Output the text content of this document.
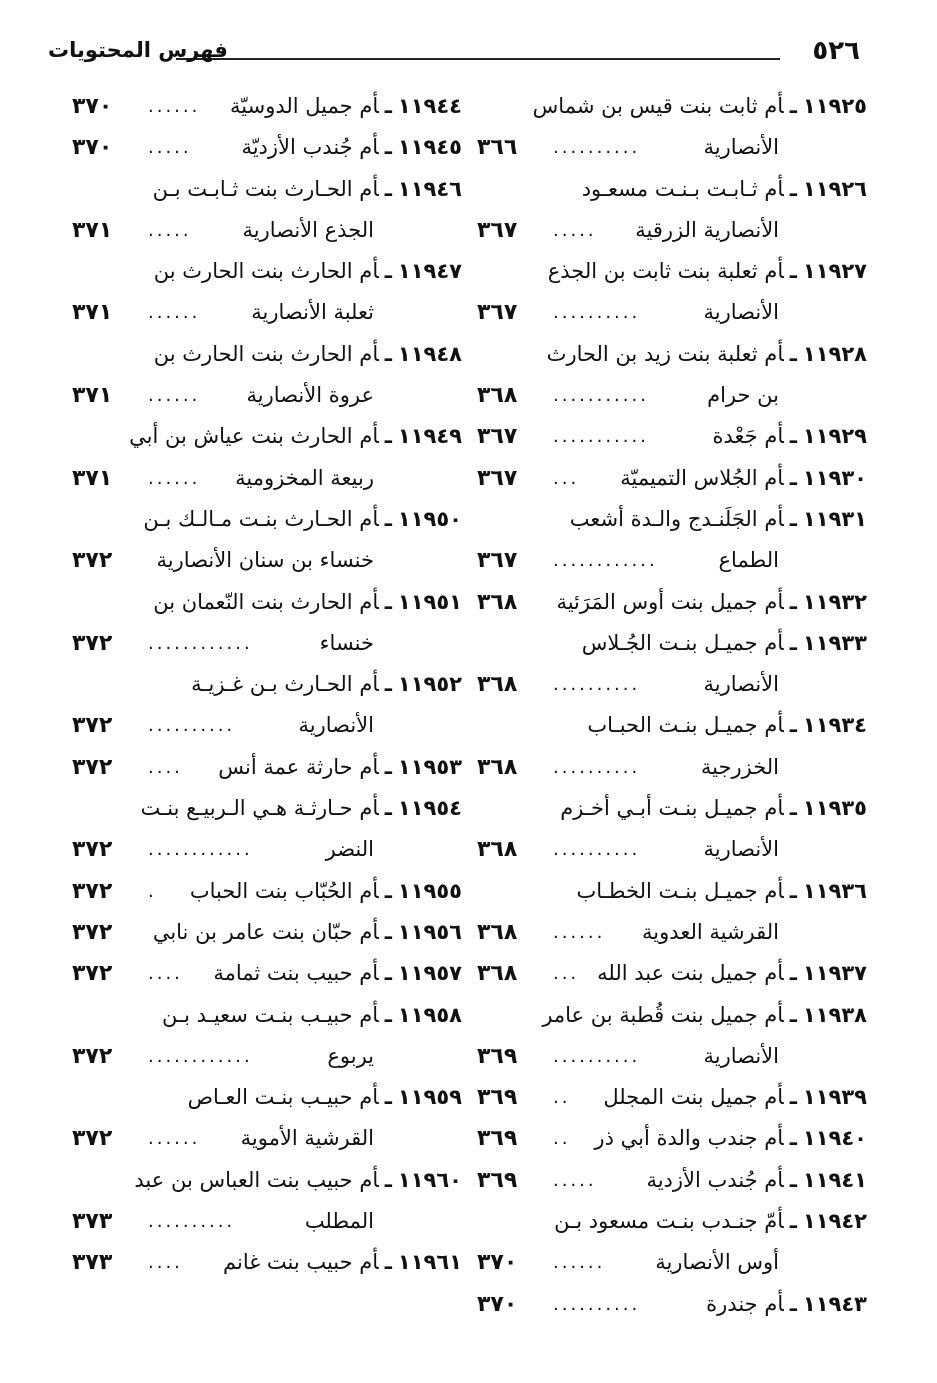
٥٢٦
فهرس المحتويات
١١٩٢٥ـأم ثابت بنت قيس بن شماس
الأنصارية
..........
٣٦٦
١١٩٢٦ـأم ثـابـت بـنـت مسعـود
الأنصارية الزرقية
.....
٣٦٧
١١٩٢٧ـأم ثعلبة بنت ثابت بن الجذع
الأنصارية
..........
٣٦٧
١١٩٢٨ـأم ثعلبة بنت زيد بن الحارث
بن حرام
...........
٣٦٨
١١٩٢٩ـأم جَعْدة
...........
٣٦٧
١١٩٣٠ـأم الجُلاس التميميّة
...
٣٦٧
١١٩٣١ـأم الجَلَنـدج والـدة أشعب
الطماع
............
٣٦٧
١١٩٣٢ـأم جميل بنت أوس المَرَئية
٣٦٨
١١٩٣٣ـأم جميـل بنـت الجُـلاس
الأنصارية
..........
٣٦٨
١١٩٣٤ـأم جميـل بنـت الحبـاب
الخزرجية
..........
٣٦٨
١١٩٣٥ـأم جميـل بنـت أبـي أخـزم
الأنصارية
..........
٣٦٨
١١٩٣٦ـأم جميـل بنـت الخطـاب
القرشية العدوية
......
٣٦٨
١١٩٣٧ـأم جميل بنت عبد الله
...
٣٦٨
١١٩٣٨ـأم جميل بنت قُطبة بن عامر
الأنصارية
..........
٣٦٩
١١٩٣٩ـأم جميل بنت المجلل
..
٣٦٩
١١٩٤٠ـأم جندب والدة أبي ذر
..
٣٦٩
١١٩٤١ـأم جُندب الأزدية
.....
٣٦٩
١١٩٤٢ـأمّ جنـدب بنـت مسعود بـن
أوس الأنصارية
......
٣٧٠
١١٩٤٣ـأم جندرة
..........
٣٧٠
١١٩٤٤ـأم جميل الدوسيّة
......
٣٧٠
١١٩٤٥ـأم جُندب الأزديّة
.....
٣٧٠
١١٩٤٦ـأم الحـارث بنت ثـابـت بـن
الجذع الأنصارية
.....
٣٧١
١١٩٤٧ـأم الحارث بنت الحارث بن
ثعلبة الأنصارية
......
٣٧١
١١٩٤٨ـأم الحارث بنت الحارث بن
عروة الأنصارية
......
٣٧١
١١٩٤٩ـأم الحارث بنت عياش بن أبي
ربيعة المخزومية
......
٣٧١
١١٩٥٠ـأم الحـارث بنـت مـالـك بـن
خنساء بن سنان الأنصارية
٣٧٢
١١٩٥١ـأم الحارث بنت النّعمان بن
خنساء
............
٣٧٢
١١٩٥٢ـأم الحـارث بـن غـزيـة
الأنصارية
..........
٣٧٢
١١٩٥٣ـأم حارثة عمة أنس
....
٣٧٢
١١٩٥٤ـأم حـارثـة هـي الـربيـع بنـت
النضر
............
٣٧٢
١١٩٥٥ـأم الحُبّاب بنت الحباب
.
٣٧٢
١١٩٥٦ـأم حبّان بنت عامر بن نابي
٣٧٢
١١٩٥٧ـأم حبيب بنت ثمامة
....
٣٧٢
١١٩٥٨ـأم حبيـب بنـت سعيـد بـن
يربوع
............
٣٧٢
١١٩٥٩ـأم حبيـب بنـت العـاص
القرشية الأموية
......
٣٧٢
١١٩٦٠ـأم حبيب بنت العباس بن عبد
المطلب
..........
٣٧٣
١١٩٦١ـأم حبيب بنت غانم
....
٣٧٣
